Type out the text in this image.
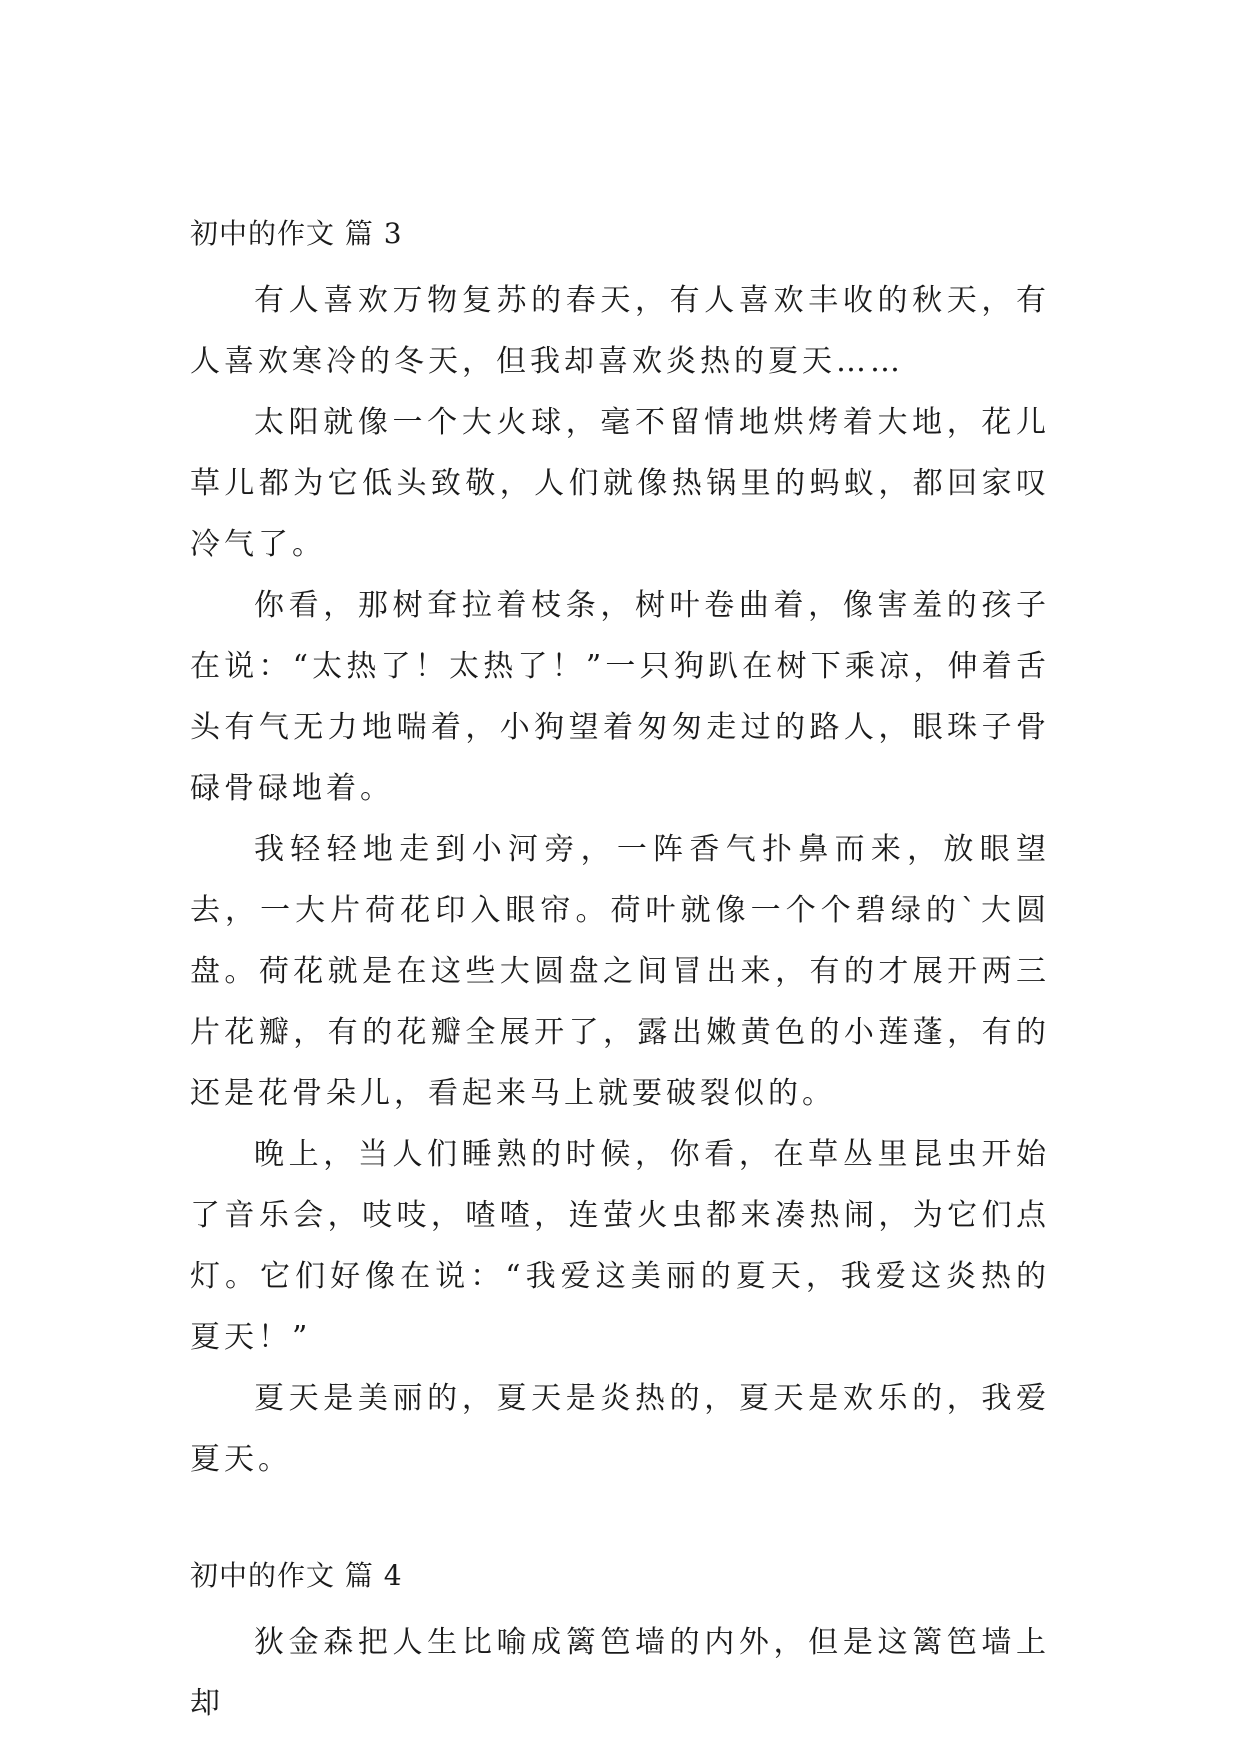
初中的作文 篇 3

有人喜欢万物复苏的春天，有人喜欢丰收的秋天，有人喜欢寒冷的冬天，但我却喜欢炎热的夏天……

太阳就像一个大火球，毫不留情地烘烤着大地，花儿草儿都为它低头致敬，人们就像热锅里的蚂蚁，都回家叹冷气了。

你看，那树耷拉着枝条，树叶卷曲着，像害羞的孩子在说：“太热了！太热了！”一只狗趴在树下乘凉，伸着舌头有气无力地喘着，小狗望着匆匆走过的路人，眼珠子骨碌骨碌地着。

我轻轻地走到小河旁，一阵香气扑鼻而来，放眼望去，一大片荷花印入眼帘。荷叶就像一个个碧绿的`大圆盘。荷花就是在这些大圆盘之间冒出来，有的才展开两三片花瓣，有的花瓣全展开了，露出嫩黄色的小莲蓬，有的还是花骨朵儿，看起来马上就要破裂似的。

晚上，当人们睡熟的时候，你看，在草丛里昆虫开始了音乐会，吱吱，喳喳，连萤火虫都来凑热闹，为它们点灯。它们好像在说：“我爱这美丽的夏天，我爱这炎热的夏天！”

夏天是美丽的，夏天是炎热的，夏天是欢乐的，我爱夏天。

初中的作文 篇 4

狄金森把人生比喻成篱笆墙的内外，但是这篱笆墙上却
